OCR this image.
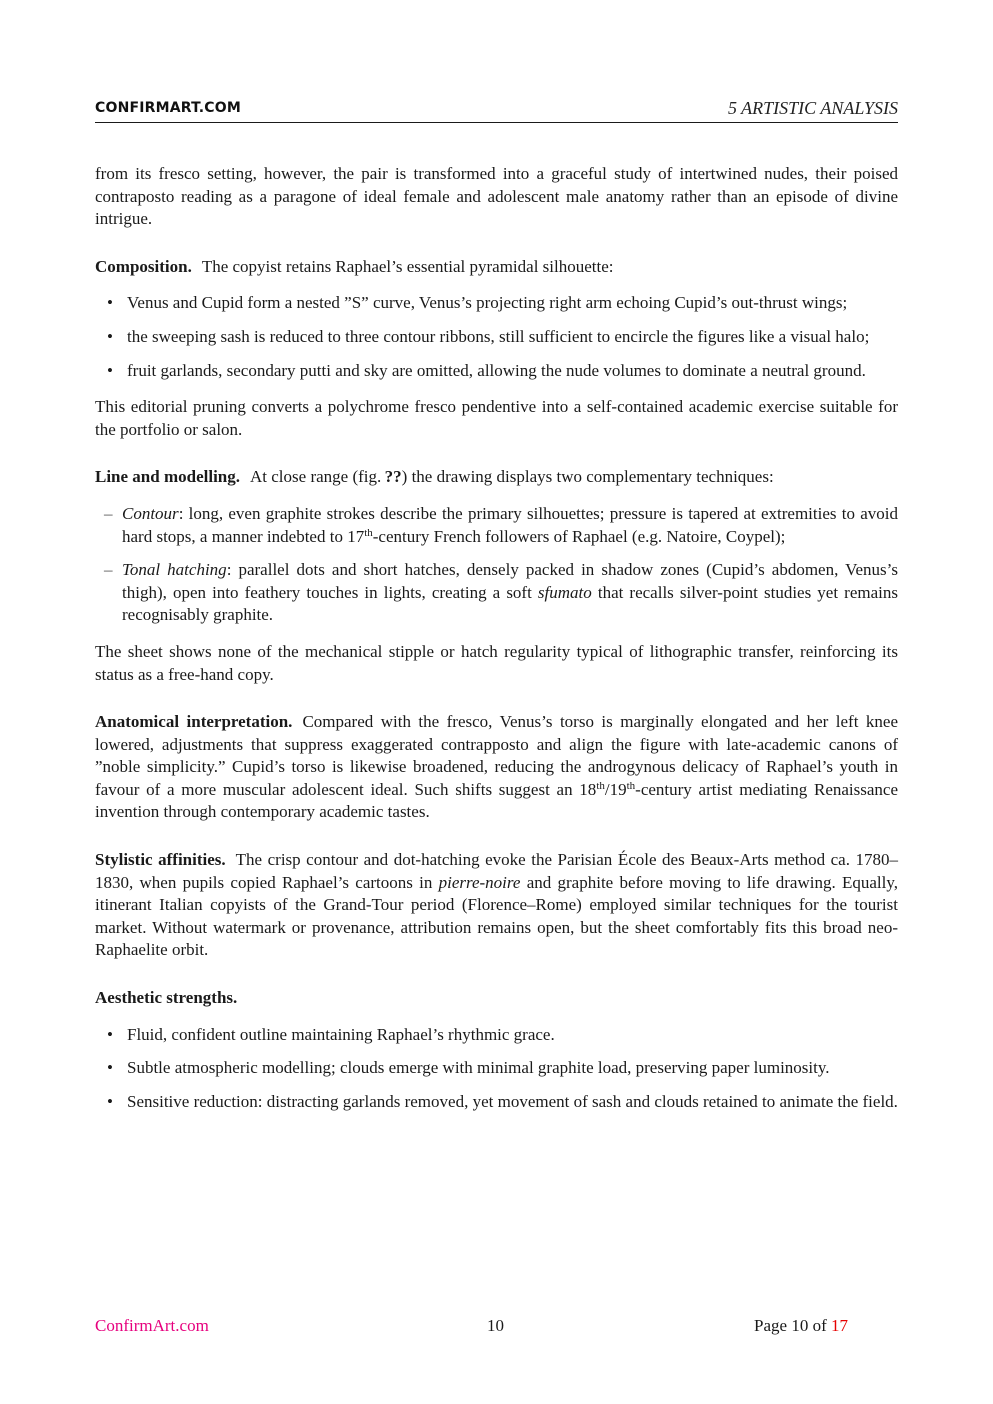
CONFIRMART.COM	5 ARTISTIC ANALYSIS

from its fresco setting, however, the pair is transformed into a graceful study of intertwined nudes, their poised contraposto reading as a paragone of ideal female and adolescent male anatomy rather than an episode of divine intrigue.

Composition. The copyist retains Raphael’s essential pyramidal silhouette:

• Venus and Cupid form a nested ”S” curve, Venus’s projecting right arm echoing Cupid’s out-thrust wings;
• the sweeping sash is reduced to three contour ribbons, still sufficient to encircle the figures like a visual halo;
• fruit garlands, secondary putti and sky are omitted, allowing the nude volumes to dominate a neutral ground.

This editorial pruning converts a polychrome fresco pendentive into a self-contained academic exercise suitable for the portfolio or salon.

Line and modelling. At close range (fig.  ??) the drawing displays two complementary techniques:

– Contour: long, even graphite strokes describe the primary silhouettes; pressure is tapered at extremities to avoid hard stops, a manner indebted to 17th-century French followers of Raphael (e.g. Natoire, Coypel);
– Tonal hatching: parallel dots and short hatches, densely packed in shadow zones (Cupid’s abdomen, Venus’s thigh), open into feathery touches in lights, creating a soft sfumato that recalls silver-point studies yet remains recognisably graphite.

The sheet shows none of the mechanical stipple or hatch regularity typical of lithographic transfer, reinforcing its status as a free-hand copy.

Anatomical interpretation. Compared with the fresco, Venus’s torso is marginally elongated and her left knee lowered, adjustments that suppress exaggerated contrapposto and align the figure with late-academic canons of ”noble simplicity.” Cupid’s torso is likewise broadened, reducing the androgynous delicacy of Raphael’s youth in favour of a more muscular adolescent ideal. Such shifts suggest an 18th/19th-century artist mediating Renaissance invention through contemporary academic tastes.

Stylistic affinities. The crisp contour and dot-hatching evoke the Parisian École des Beaux-Arts method ca. 1780–1830, when pupils copied Raphael’s cartoons in pierre-noire and graphite before moving to life drawing. Equally, itinerant Italian copyists of the Grand-Tour period (Florence–Rome) employed similar techniques for the tourist market. Without watermark or provenance, attribution remains open, but the sheet comfortably fits this broad neo-Raphaelite orbit.

Aesthetic strengths.

• Fluid, confident outline maintaining Raphael’s rhythmic grace.
• Subtle atmospheric modelling; clouds emerge with minimal graphite load, preserving paper luminosity.
• Sensitive reduction: distracting garlands removed, yet movement of sash and clouds retained to animate the field.
ConfirmArt.com	10	Page 10 of 17
